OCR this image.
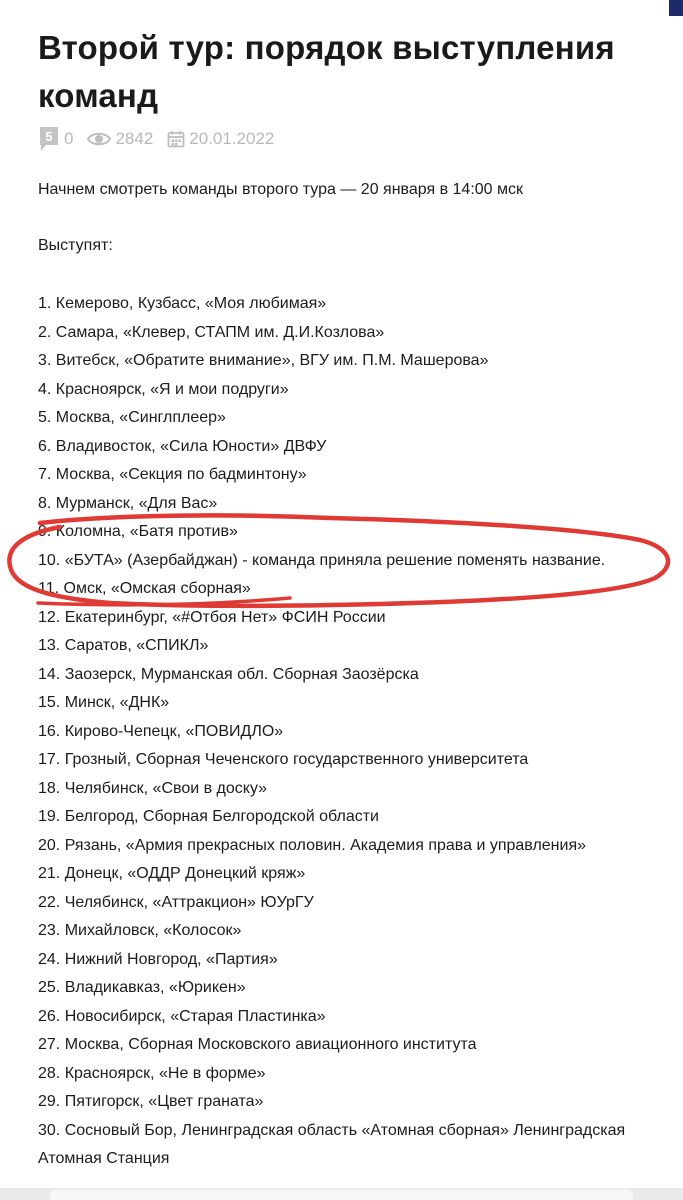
Второй тур: порядок выступления команд
5 0 2842 20.01.2022

Начнем смотреть команды второго тура — 20 января в 14:00 мск

Выступят:

1. Кемерово, Кузбасс, «Моя любимая»
2. Самара, «Клевер, СТАПМ им. Д.И.Козлова»
3. Витебск, «Обратите внимание», ВГУ им. П.М. Машерова»
4. Красноярск, «Я и мои подруги»
5. Москва, «Синглплеер»
6. Владивосток, «Сила Юности» ДВФУ
7. Москва, «Секция по бадминтону»
8. Мурманск, «Для Вас»
9. Коломна, «Батя против»
10. «БУТА» (Азербайджан) - команда приняла решение поменять название.
11. Омск, «Омская сборная»
12. Екатеринбург, «#Отбоя Нет» ФСИН России
13. Саратов, «СПИКЛ»
14. Заозерск, Мурманская обл. Сборная Заозёрска
15. Минск, «ДНК»
16. Кирово-Чепецк, «ПОВИДЛО»
17. Грозный, Сборная Чеченского государственного университета
18. Челябинск, «Свои в доску»
19. Белгород, Сборная Белгородской области
20. Рязань, «Армия прекрасных половин. Академия права и управления»
21. Донецк, «ОДДР Донецкий кряж»
22. Челябинск, «Аттракцион» ЮУрГУ
23. Михайловск, «Колосок»
24. Нижний Новгород, «Партия»
25. Владикавказ, «Юрикен»
26. Новосибирск, «Старая Пластинка»
27. Москва, Сборная Московского авиационного института
28. Красноярск, «Не в форме»
29. Пятигорск, «Цвет граната»
30. Сосновый Бор, Ленинградская область «Атомная сборная» Ленинградская Атомная Станция
